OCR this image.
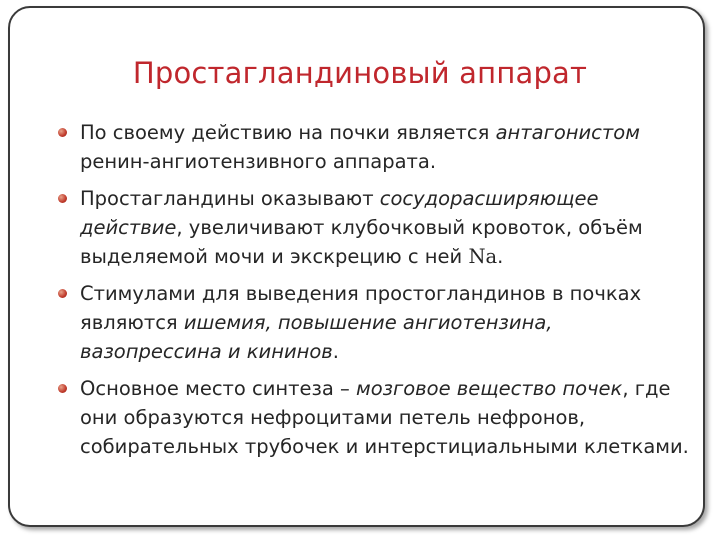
Простагландиновый аппарат
По своему действию на почки является антагонистом ренин-ангиотензивного аппарата.
Простагландины оказывают сосудорасширяющее действие, увеличивают клубочковый кровоток, объём выделяемой мочи и экскрецию с ней Na.
Стимулами для выведения простогландинов в почках являются ишемия, повышение ангиотензина, вазопрессина и кининов.
Основное место синтеза – мозговое вещество почек, где они образуются нефроцитами петель нефронов, собирательных трубочек и интерстициальными клетками.
